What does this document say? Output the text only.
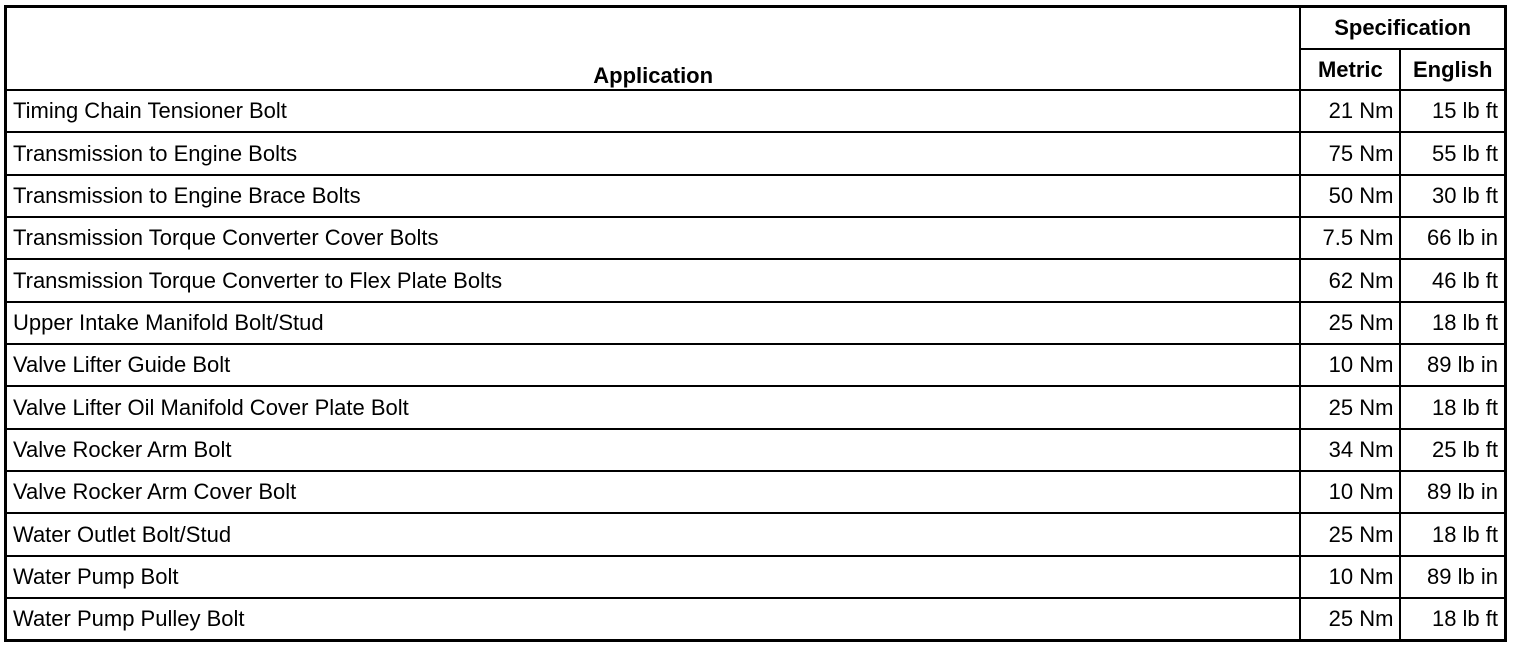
Application	Specification	
	Metric	English
Timing Chain Tensioner Bolt	21 Nm	15 lb ft
Transmission to Engine Bolts	75 Nm	55 lb ft
Transmission to Engine Brace Bolts	50 Nm	30 lb ft
Transmission Torque Converter Cover Bolts	7.5 Nm	66 lb in
Transmission Torque Converter to Flex Plate Bolts	62 Nm	46 lb ft
Upper Intake Manifold Bolt/Stud	25 Nm	18 lb ft
Valve Lifter Guide Bolt	10 Nm	89 lb in
Valve Lifter Oil Manifold Cover Plate Bolt	25 Nm	18 lb ft
Valve Rocker Arm Bolt	34 Nm	25 lb ft
Valve Rocker Arm Cover Bolt	10 Nm	89 lb in
Water Outlet Bolt/Stud	25 Nm	18 lb ft
Water Pump Bolt	10 Nm	89 lb in
Water Pump Pulley Bolt	25 Nm	18 lb ft
